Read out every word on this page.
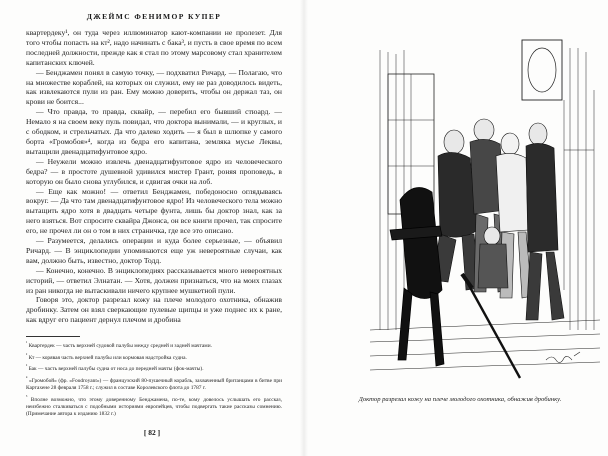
ДЖЕЙМС ФЕНИМОР КУПЕР

квартердеку¹, он туда через иллюминатор кают-компании не пролезет. Для того чтобы попасть на кт², надо начинать с бака³, и пусть в свое время по всем последней должности, прежде как я стал по этому марсовому стал хранителем капитанских ключей.

— Бенджамен понял в самую точку, — подхватил Ричард. — Полагаю, что на множестве кораблей, на которых он служил, ему не раз доводилось видеть, как извлекаются пули из ран. Ему можно доверить, чтобы он держал таз, он крови не боится...

— Что правда, то правда, сквайр, — перебил его бывший стюард. — Немало я на своем веку пуль повидал, что доктора вынимали, — и круглых, и с ободком, и стрельчатых. Да что далеко ходить — я был в шлюпке у самого борта «Громобоя»⁴, когда из бедра его капитана, земляка мусье Леквы, вытащили двенадцатифунтовое ядро.

— Неужели можно извлечь двенадцатифунтовое ядро из человеческого бедра? — в простоте душевной удивился мистер Грант, роняя проповедь, в которую он было снова углубился, и сдвигая очки на лоб.

— Еще как можно! — ответил Бенджамен, победоносно оглядываясь вокруг. — Да что там двенадцатифунтовое ядро! Из человеческого тела можно вытащить ядро хотя в двадцать четыре фунта, лишь бы доктор знал, как за него взяться. Вот спросите сквайра Джонса, он все книги прочел, так спросите его, не прочел ли он о том в них страничка, где все это описано.

— Разумеется, делались операции и куда более серьезные, — объявил Ричард. — В энциклопедии упоминаются еще уж невероятные случаи, как вам, должно быть, известно, доктор Тодд.

— Конечно, конечно. В энциклопедиях рассказывается много невероятных историй, — ответил Элнатан. — Хотя, должен признаться, что на моих глазах из ран никогда не вытаскивали ничего крупнее мушкетной пули.

Говоря это, доктор разрезал кожу на плече молодого охотника, обнажив дробинку. Затем он взял сверкающие пулевые щипцы и уже поднес их к ране, как вдруг его пациент дернул плечом и дробина

$^{^1}$ Квартердек — часть верхней судовой палубы между средней и задней мачтами.
$^{^2}$ Кт — корявая часть верхней палубы или кормовая надстройка судна.
$^{^3}$ Бак — часть верхней палубы судна от носа до передней мачты (фок-мачты).
$^{^4}$ «Громобой» (фр. «Foudroyant») — французский 80-пушечный корабль, захваченный британцами в битве при Картахене 28 февраля 1758 г.; служил в составе Королевского флота до 1787 г.
$^{^5}$ Вполне возможно, что этому доверенному Бенджамена, по-те, кому довелось услышать его рассказ, неизбежно сталкиваться с подобными историями европейцев, чтобы подвергать такие рассказы сомнению. (Примечание автора к изданию 1832 г.)
[ 82 ]
Доктор разрезал кожу на плече молодого охотника, обнажив дробинку.
